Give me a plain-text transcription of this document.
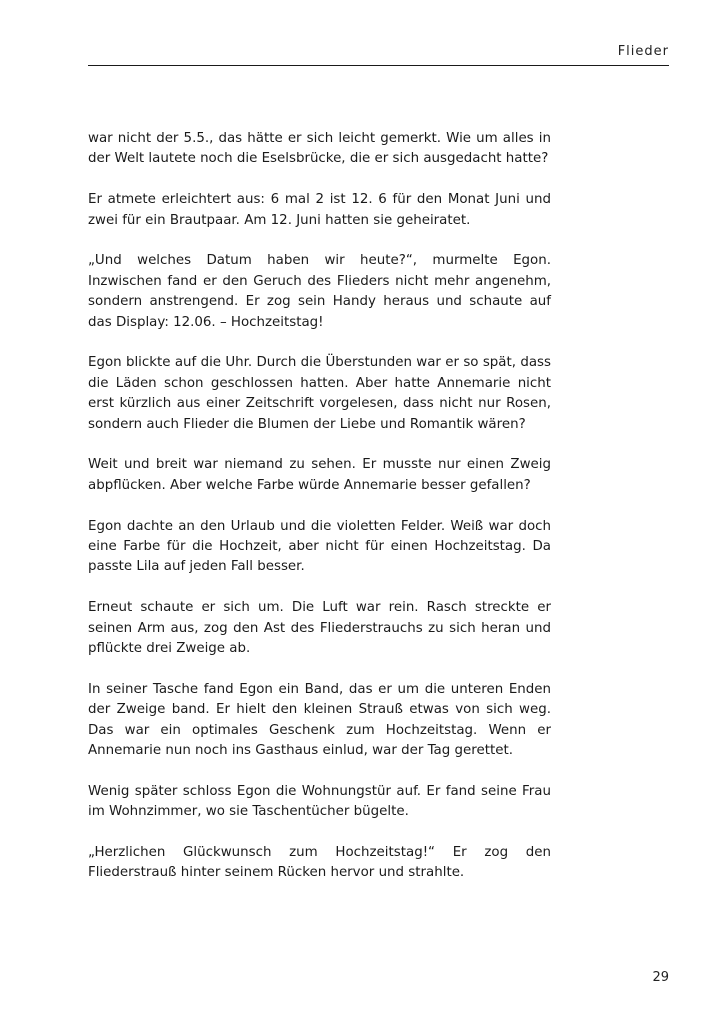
Flieder

war nicht der 5.5., das hätte er sich leicht gemerkt. Wie um alles in der Welt lautete noch die Eselsbrücke, die er sich ausgedacht hatte?

Er atmete erleichtert aus: 6 mal 2 ist 12. 6 für den Monat Juni und zwei für ein Brautpaar. Am 12. Juni hatten sie geheiratet.

„Und welches Datum haben wir heute?“, murmelte Egon. Inzwischen fand er den Geruch des Flieders nicht mehr angenehm, sondern anstrengend. Er zog sein Handy heraus und schaute auf das Display: 12.06. – Hochzeitstag!

Egon blickte auf die Uhr. Durch die Überstunden war er so spät, dass die Läden schon geschlossen hatten. Aber hatte Annemarie nicht erst kürzlich aus einer Zeitschrift vorgelesen, dass nicht nur Rosen, sondern auch Flieder die Blumen der Liebe und Romantik wären?

Weit und breit war niemand zu sehen. Er musste nur einen Zweig abpflücken. Aber welche Farbe würde Annemarie besser gefallen?

Egon dachte an den Urlaub und die violetten Felder. Weiß war doch eine Farbe für die Hochzeit, aber nicht für einen Hochzeitstag. Da passte Lila auf jeden Fall besser.

Erneut schaute er sich um. Die Luft war rein. Rasch streckte er seinen Arm aus, zog den Ast des Fliederstrauchs zu sich heran und pflückte drei Zweige ab.

In seiner Tasche fand Egon ein Band, das er um die unteren Enden der Zweige band. Er hielt den kleinen Strauß etwas von sich weg. Das war ein optimales Geschenk zum Hochzeitstag. Wenn er Annemarie nun noch ins Gasthaus einlud, war der Tag gerettet.

Wenig später schloss Egon die Wohnungstür auf. Er fand seine Frau im Wohnzimmer, wo sie Taschentücher bügelte.

„Herzlichen Glückwunsch zum Hochzeitstag!“ Er zog den Fliederstrauß hinter seinem Rücken hervor und strahlte.

29
